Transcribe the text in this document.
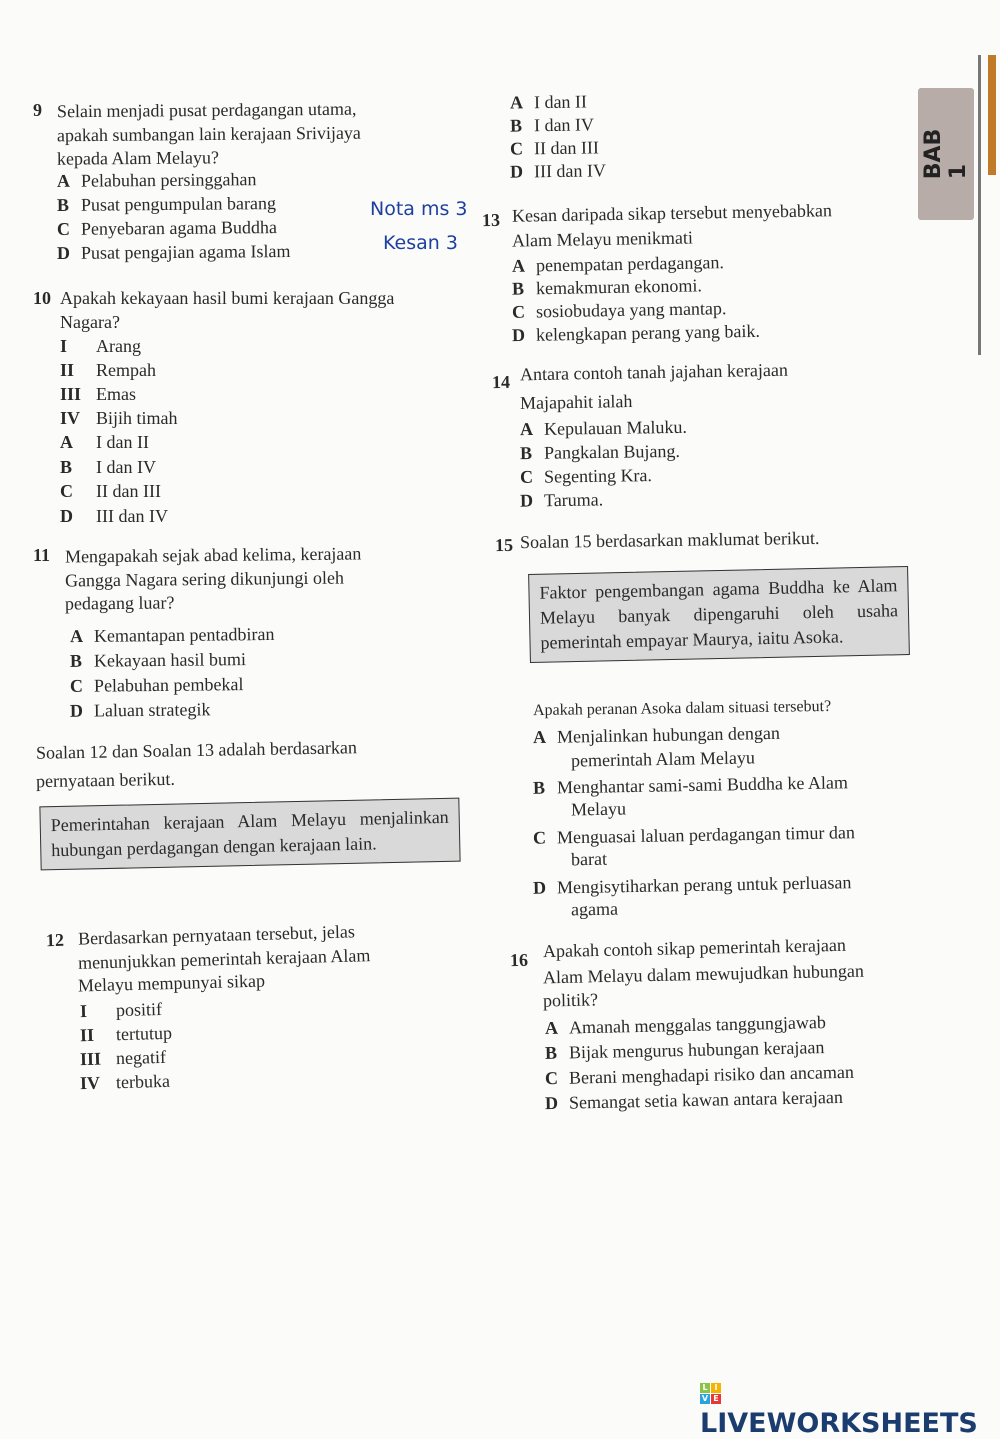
BAB 1
9 Selain menjadi pusat perdagangan utama,
apakah sumbangan lain kerajaan Srivijaya
kepada Alam Melayu?
A Pelabuhan persinggahan
B Pusat pengumpulan barang
C Penyebaran agama Buddha
D Pusat pengajian agama Islam
10 Apakah kekayaan hasil bumi kerajaan Gangga
Nagara?
I Arang
II Rempah
III Emas
IV Bijih timah
A I dan II
B I dan IV
C II dan III
D III dan IV
11 Mengapakah sejak abad kelima, kerajaan
Gangga Nagara sering dikunjungi oleh
pedagang luar?
A Kemantapan pentadbiran
B Kekayaan hasil bumi
C Pelabuhan pembekal
D Laluan strategik
Soalan 12 dan Soalan 13 adalah berdasarkan
pernyataan berikut.
12 Berdasarkan pernyataan tersebut, jelas
menunjukkan pemerintah kerajaan Alam
Melayu mempunyai sikap
I positif
II tertutup
III negatif
IV terbuka
A I dan II
B I dan IV
C II dan III
D III dan IV
13 Kesan daripada sikap tersebut menyebabkan
Alam Melayu menikmati
A penempatan perdagangan.
B kemakmuran ekonomi.
C sosiobudaya yang mantap.
D kelengkapan perang yang baik.
14 Antara contoh tanah jajahan kerajaan
Majapahit ialah
A Kepulauan Maluku.
B Pangkalan Bujang.
C Segenting Kra.
D Taruma.
15 Soalan 15 berdasarkan maklumat berikut.
Apakah peranan Asoka dalam situasi tersebut?
A Menjalinkan hubungan dengan
pemerintah Alam Melayu
B Menghantar sami-sami Buddha ke Alam
Melayu
C Menguasai laluan perdagangan timur dan
barat
D Mengisytiharkan perang untuk perluasan
agama
16 Apakah contoh sikap pemerintah kerajaan
Alam Melayu dalam mewujudkan hubungan
politik?
A Amanah menggalas tanggungjawab
B Bijak mengurus hubungan kerajaan
C Berani menghadapi risiko dan ancaman
D Semangat setia kawan antara kerajaan
Nota ms 3
Kesan 3
Pemerintahan kerajaan Alam Melayu menjalinkan hubungan perdagangan dengan kerajaan lain.
Faktor pengembangan agama Buddha ke Alam Melayu banyak dipengaruhi oleh usaha pemerintah empayar Maurya, iaitu Asoka.
L I
V E
LIVEWORKSHEETS
